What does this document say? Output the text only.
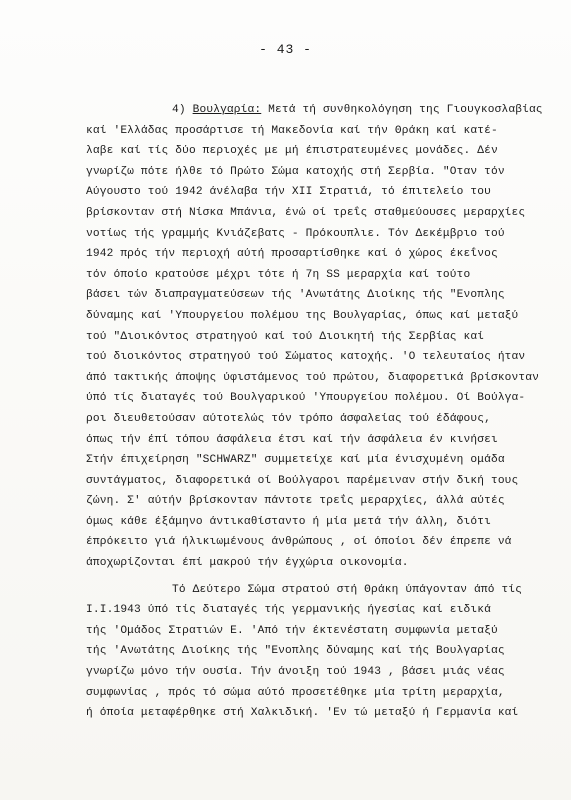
- 43 -
4) Βουλγαρία: Μετά τή συνθηκολόγηση της Γιουγκοσλαβίας
καί 'Ελλάδας προσάρτισε τή Μακεδονία καί τήν Θράκη καί κατέ-
λαβε καί τίς δύο περιοχές με μή έπιστρατευμένες μονάδες. Δέν
γνωρίζω πότε ήλθε τό Πρώτο Σώμα κατοχής στή Σερβία. "Οταν τόν
Αύγουστο τού 1942 άνέλαβα τήν XII Στρατιά, τό έπιτελείο του
βρίσκονταν στή Νίσκα Μπάνια, ένώ οί τρεΐς σταθμεύουσες μεραρχίες
νοτίως τής γραμμής Κνιάζεβατς - Πρόκουπλιε. Τόν Δεκέμβριο τού
1942 πρός τήν περιοχή αύτή προσαρτίσθηκε καί ό χώρος έκεΐνος
τόν όποίο κρατούσε μέχρι τότε ή 7η SS μεραρχία καί τούτο
βάσει τών διαπραγματεύσεων τής 'Ανωτάτης Διοίκης τής "Ενοπλης
δύναμης καί 'Υπουργείου πολέμου της Βουλγαρίας, όπως καί μεταξύ
τού "Διοικόντος στρατηγού καί τού Διοικητή τής Σερβίας καί
τού διοικόντος στρατηγού τού Σώματος κατοχής. 'Ο τελευταίος ήταν
άπό τακτικής άποψης ύφιστάμενος τού πρώτου, διαφορετικά βρίσκονταν
ύπό τίς διαταγές τού Βουλγαρικού 'Υπουργείου πολέμου. Οί Βούλγα-
ροι διευθετούσαν αύτοτελώς τόν τρόπο άσφαλείας τού έδάφους,
όπως τήν έπί τόπου άσφάλεια έτσι καί τήν άσφάλεια έν κινήσει
Στήν έπιχείρηση "SCHWARZ" συμμετείχε καί μία ένισχυμένη ομάδα
συντάγματος, διαφορετικά οί Βούλγαροι παρέμειναν στήν δική τους
ζώνη. Σ' αύτήν βρίσκονταν πάντοτε τρεΐς μεραρχίες, άλλά αύτές
όμως κάθε έξάμηνο άντικαθίσταντο ή μία μετά τήν άλλη, διότι
έπρόκειτο γιά ήλικιωμένους άνθρώπους , οί όποίοι δέν έπρεπε νά
άποχωρίζονται έπί μακρού τήν έγχώρια οικονομία.
Τό Δεύτερο Σώμα στρατού στή Θράκη ύπάγονταν άπό τίς
I.I.1943 ύπό τίς διαταγές τής γερμανικής ήγεσίας καί ειδικά
τής 'Ομάδος Στρατιών Ε. 'Από τήν έκτενέστατη συμφωνία μεταξύ
τής 'Ανωτάτης Διοίκης τής "Ενοπλης δύναμης καί τής Βουλγαρίας
γνωρίζω μόνο τήν ουσία. Τήν άνοιξη τού 1943 , βάσει μιάς νέας
συμφωνίας , πρός τό σώμα αύτό προσετέθηκε μία τρίτη μεραρχία,
ή όποία μεταφέρθηκε στή Χαλκιδική. 'Εν τώ μεταξύ ή Γερμανία καί
